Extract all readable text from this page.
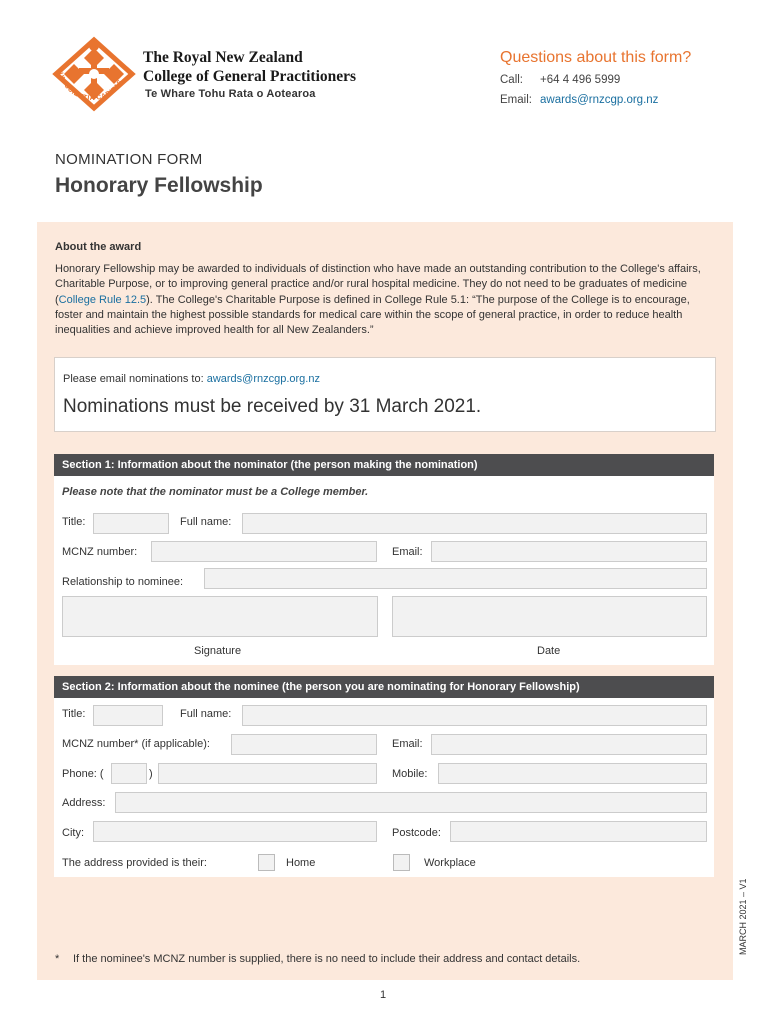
CUM SCIENTIA CARITAS
The Royal New Zealand
College of General Practitioners
Te Whare Tohu Rata o Aotearoa
Questions about this form?
Call: +64 4 496 5999
Email: awards@rnzcgp.org.nz
NOMINATION FORM
Honorary Fellowship
About the award
Honorary Fellowship may be awarded to individuals of distinction who have made an outstanding contribution to the College's affairs, Charitable Purpose, or to improving general practice and/or rural hospital medicine. They do not need to be graduates of medicine (College Rule 12.5). The College's Charitable Purpose is defined in College Rule 5.1: “The purpose of the College is to encourage, foster and maintain the highest possible standards for medical care within the scope of general practice, in order to reduce health inequalities and achieve improved health for all New Zealanders.”
Please email nominations to: awards@rnzcgp.org.nz
Nominations must be received by 31 March 2021.
Section 1: Information about the nominator (the person making the nomination)
Please note that the nominator must be a College member.
Title:	Full name:
MCNZ number:	Email:
Relationship to nominee:
Signature	Date
Section 2: Information about the nominee (the person you are nominating for Honorary Fellowship)
Title:	Full name:
MCNZ number* (if applicable):	Email:
Phone: (	)	Mobile:
Address:
City:	Postcode:
The address provided is their:	Home	Workplace
* If the nominee's MCNZ number is supplied, there is no need to include their address and contact details.
MARCH 2021 – V1
1
